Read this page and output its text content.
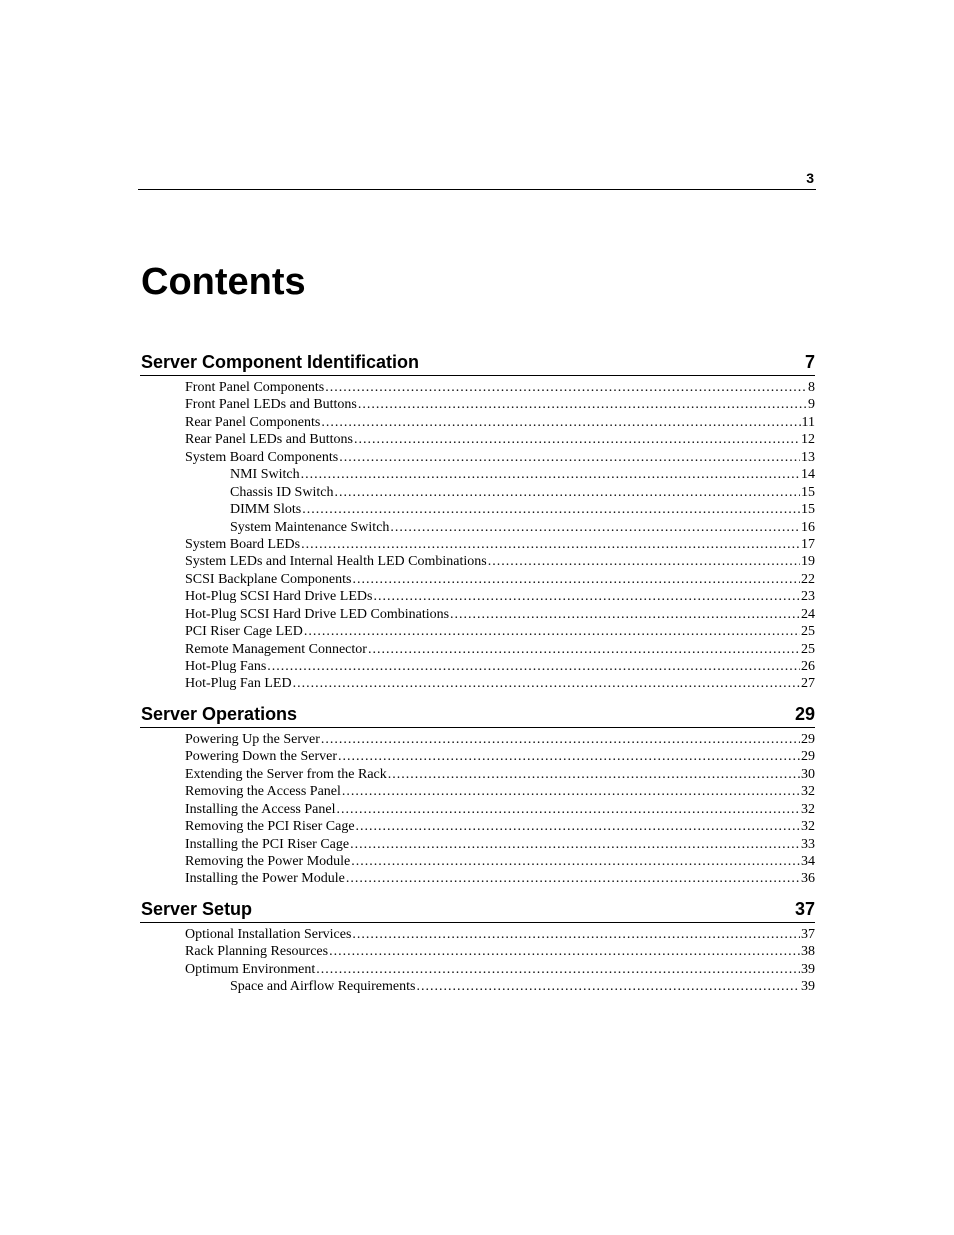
3
Contents
Server Component Identification	7
Front Panel Components .....	8
Front Panel LEDs and Buttons .....	9
Rear Panel Components .....	11
Rear Panel LEDs and Buttons .....	12
System Board Components .....	13
NMI Switch .....	14
Chassis ID Switch .....	15
DIMM Slots .....	15
System Maintenance Switch .....	16
System Board LEDs .....	17
System LEDs and Internal Health LED Combinations .....	19
SCSI Backplane Components .....	22
Hot-Plug SCSI Hard Drive LEDs .....	23
Hot-Plug SCSI Hard Drive LED Combinations .....	24
PCI Riser Cage LED .....	25
Remote Management Connector .....	25
Hot-Plug Fans .....	26
Hot-Plug Fan LED .....	27
Server Operations	29
Powering Up the Server .....	29
Powering Down the Server .....	29
Extending the Server from the Rack .....	30
Removing the Access Panel .....	32
Installing the Access Panel .....	32
Removing the PCI Riser Cage .....	32
Installing the PCI Riser Cage .....	33
Removing the Power Module .....	34
Installing the Power Module .....	36
Server Setup	37
Optional Installation Services .....	37
Rack Planning Resources .....	38
Optimum Environment .....	39
Space and Airflow Requirements .....	39
